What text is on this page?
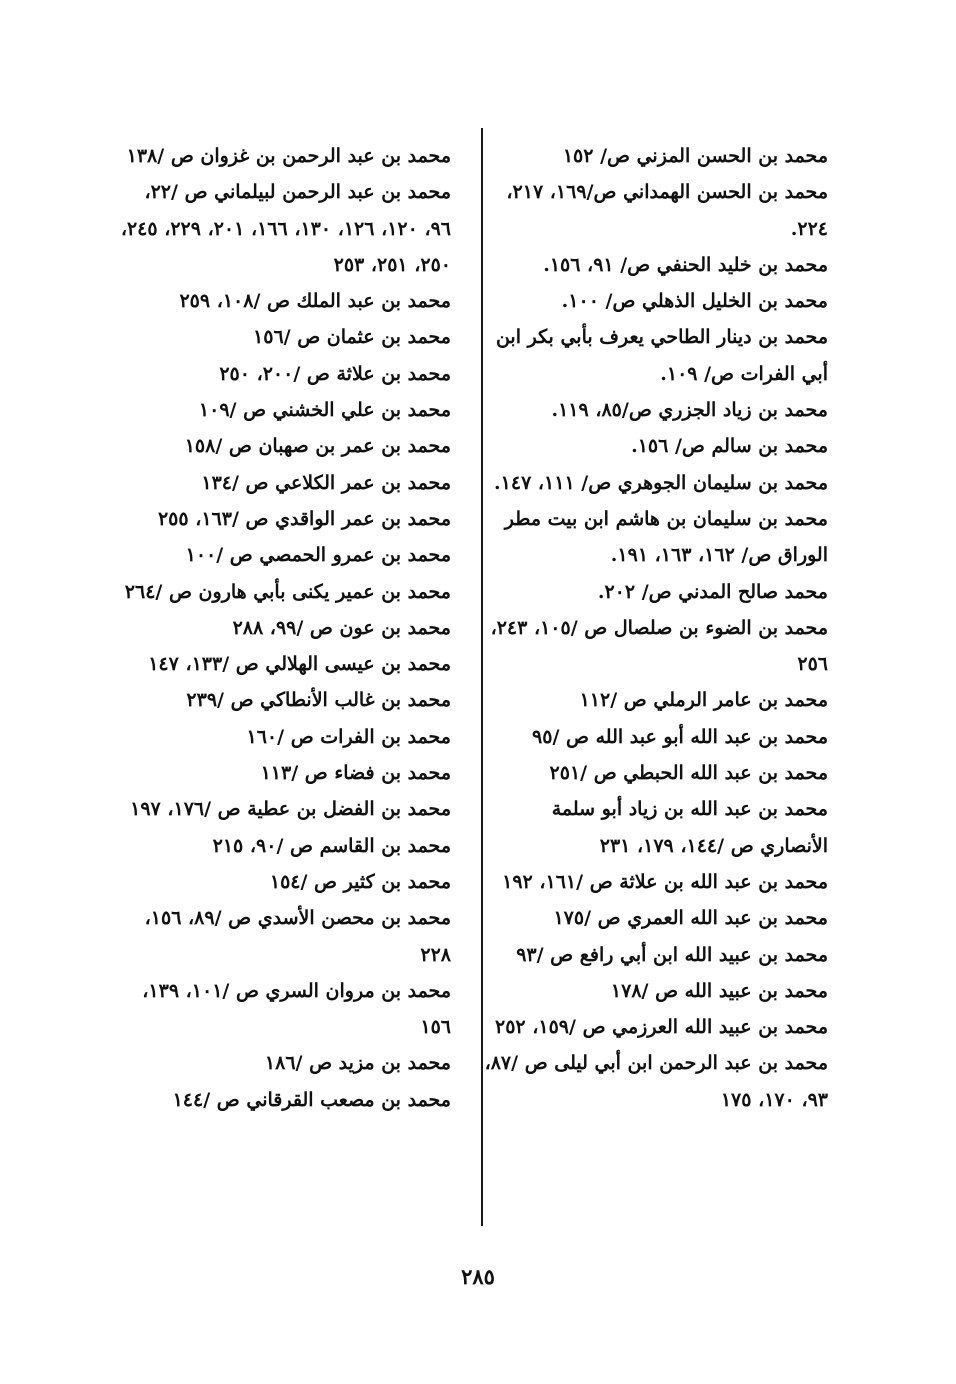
محمد بن الحسن المزني ص/ ١٥٢
محمد بن الحسن الهمداني ص/١٦٩، ٢١٧، ٢٢٤.
محمد بن خليد الحنفي ص/ ٩١، ١٥٦.
محمد بن الخليل الذهلي ص/ ١٠٠.
محمد بن دينار الطاحي يعرف بأبي بكر ابن أبي الفرات ص/ ١٠٩.
محمد بن زياد الجزري ص/٨٥، ١١٩.
محمد بن سالم ص/ ١٥٦.
محمد بن سليمان الجوهري ص/ ١١١، ١٤٧.
محمد بن سليمان بن هاشم ابن بيت مطر الوراق ص/ ١٦٢، ١٦٣، ١٩١.
محمد صالح المدني ص/ ٢٠٢.
محمد بن الضوء بن صلصال ص /١٠٥، ٢٤٣، ٢٥٦
محمد بن عامر الرملي ص /١١٢
محمد بن عبد الله أبو عبد الله ص /٩٥
محمد بن عبد الله الحبطي ص /٢٥١
محمد بن عبد الله بن زياد أبو سلمة الأنصاري ص /١٤٤، ١٧٩، ٢٣١
محمد بن عبد الله بن علاثة ص /١٦١، ١٩٢
محمد بن عبد الله العمري ص /١٧٥
محمد بن عبيد الله ابن أبي رافع ص /٩٣
محمد بن عبيد الله ص /١٧٨
محمد بن عبيد الله العرزمي ص /١٥٩، ٢٥٢
محمد بن عبد الرحمن ابن أبي ليلى ص /٨٧، ٩٣، ١٧٠، ١٧٥
محمد بن عبد الرحمن بن غزوان ص /١٣٨
محمد بن عبد الرحمن لبيلماني ص /٢٢، ٩٦، ١٢٠، ١٢٦، ١٣٠، ١٦٦، ٢٠١، ٢٢٩، ٢٤٥، ٢٥٠، ٢٥١، ٢٥٣
محمد بن عبد الملك ص /١٠٨، ٢٥٩
محمد بن عثمان ص /١٥٦
محمد بن علاثة ص /٢٠٠، ٢٥٠
محمد بن علي الخشني ص /١٠٩
محمد بن عمر بن صهبان ص /١٥٨
محمد بن عمر الكلاعي ص /١٣٤
محمد بن عمر الواقدي ص /١٦٣، ٢٥٥
محمد بن عمرو الحمصي ص /١٠٠
محمد بن عمير يكنى بأبي هارون ص /٢٦٤
محمد بن عون ص /٩٩، ٢٨٨
محمد بن عيسى الهلالي ص /١٣٣، ١٤٧
محمد بن غالب الأنطاكي ص /٢٣٩
محمد بن الفرات ص /١٦٠
محمد بن فضاء ص /١١٣
محمد بن الفضل بن عطية ص /١٧٦، ١٩٧
محمد بن القاسم ص /٩٠، ٢١٥
محمد بن كثير ص /١٥٤
محمد بن محصن الأسدي ص /٨٩، ١٥٦، ٢٢٨
محمد بن مروان السري ص /١٠١، ١٣٩، ١٥٦
محمد بن مزيد ص /١٨٦
محمد بن مصعب القرقاني ص /١٤٤
٢٨٥
